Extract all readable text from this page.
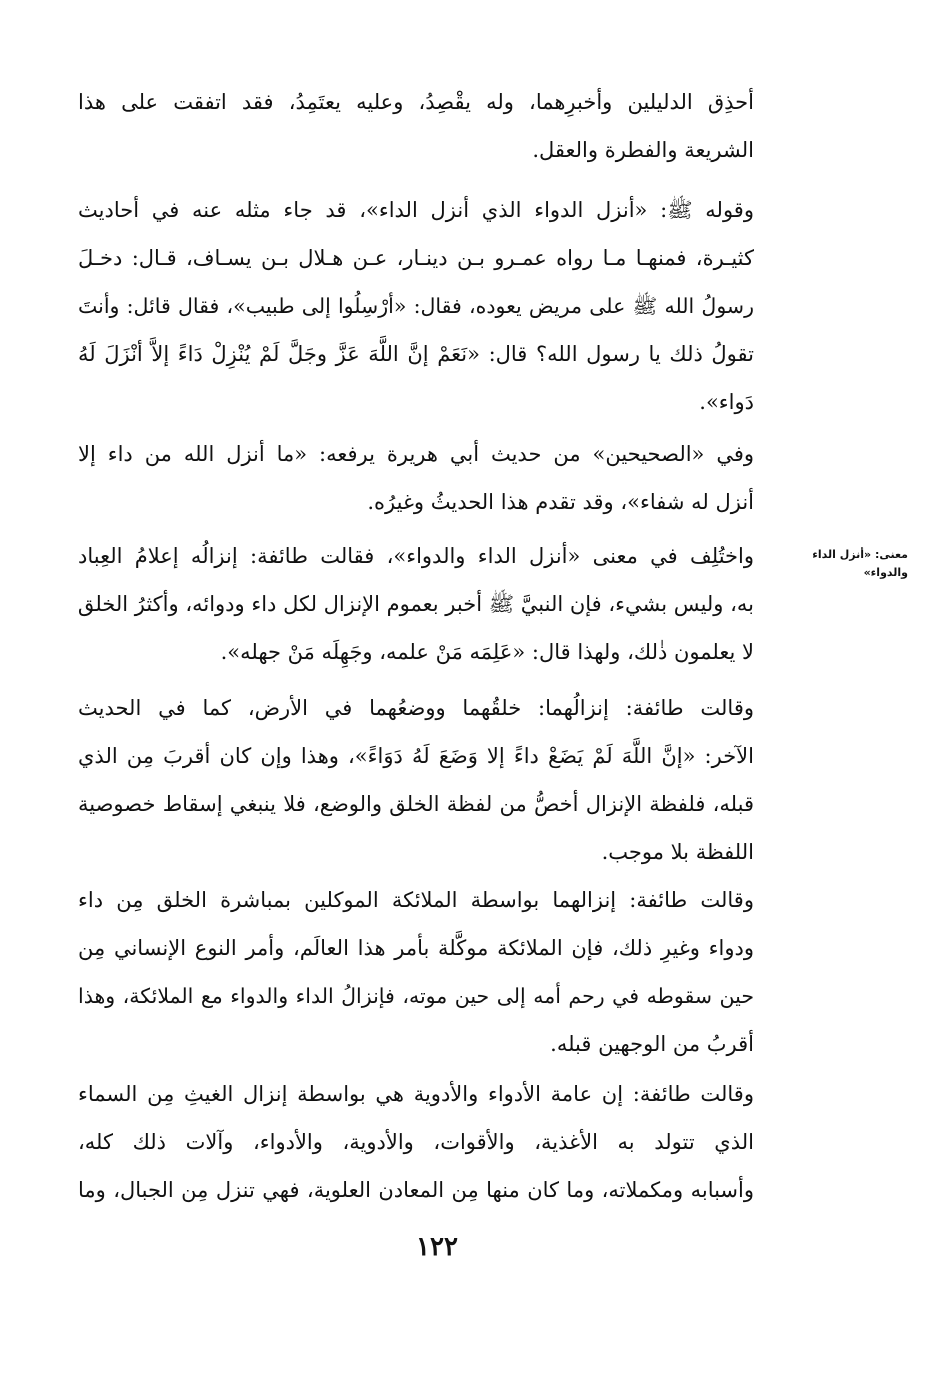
أحذِق الدليلين وأخبرِهما، وله يقْصِدُ، وعليه يعتَمِدُ، فقد اتفقت على هذا
الشريعة والفطرة والعقل.
وقوله ﷺ: «أنزل الدواء الذي أنزل الداء»، قد جاء مثله عنه في أحاديث
كثيـرة، فمنهـا مـا رواه عمـرو بـن دينـار، عـن هـلال بـن يسـاف، قـال: دخـلَ
رسولُ الله ﷺ على مريض يعوده، فقال: «أرْسِلُوا إلى طبيب»، فقال قائل: وأنتَ
تقولُ ذلك يا رسول الله؟ قال: «نَعَمْ إنَّ اللَّهَ عَزَّ وجَلَّ لَمْ يُنْزِلْ دَاءً إلاَّ أنْزَلَ لَهُ
دَواء».
وفي «الصحيحين» من حديث أبي هريرة يرفعه: «ما أنزل الله من داء إلا
أنزل له شفاء»، وقد تقدم هذا الحديثُ وغيرُه.
واختُلِف في معنى «أنزل الداء والدواء»، فقالت طائفة: إنزالُه إعلامُ العِباد
به، وليس بشيء، فإن النبيَّ ﷺ أخبر بعموم الإنزال لكل داء ودوائه، وأكثرُ الخلق
لا يعلمون ذٰلك، ولهذا قال: «عَلِمَه مَنْ علمه، وجَهِلَه مَنْ جهله».
وقالت طائفة: إنزالُهما: خلقُهما ووضعُهما في الأرض، كما في الحديث
الآخر: «إنَّ اللَّهَ لَمْ يَضَعْ داءً إلا وَضَعَ لَهُ دَوَاءً»، وهذا وإن كان أقربَ مِن الذي
قبله، فلفظة الإنزال أخصُّ من لفظة الخلق والوضع، فلا ينبغي إسقاط خصوصية
اللفظة بلا موجب.
وقالت طائفة: إنزالهما بواسطة الملائكة الموكلين بمباشرة الخلق مِن داء
ودواء وغيرِ ذلك، فإن الملائكة موكَّلة بأمر هذا العالَم، وأمر النوع الإنساني مِن
حين سقوطه في رحم أمه إلى حين موته، فإنزالُ الداء والدواء مع الملائكة، وهذا
أقربُ من الوجهين قبله.
وقالت طائفة: إن عامة الأدواء والأدوية هي بواسطة إنزال الغيثِ مِن السماء
الذي تتولد به الأغذية، والأقوات، والأدوية، والأدواء، وآلات ذلك كله،
وأسبابه ومكملاته، وما كان منها مِن المعادن العلوية، فهي تنزل مِن الجبال، وما
معنى: «أنزل الداء
والدواء»
١٢٢
